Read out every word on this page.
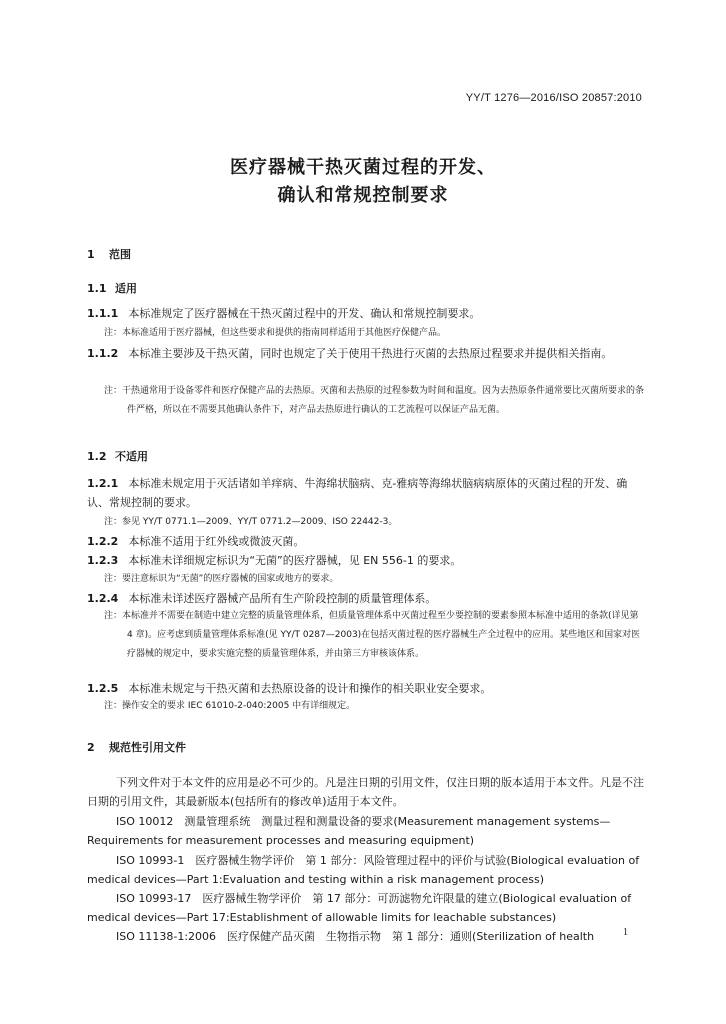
YY/T 1276—2016/ISO 20857:2010
医疗器械干热灭菌过程的开发、
确认和常规控制要求
1 范围
1.1 适用
1.1.1 本标准规定了医疗器械在干热灭菌过程中的开发、确认和常规控制要求。
注：本标准适用于医疗器械，但这些要求和提供的指南同样适用于其他医疗保健产品。
1.1.2 本标准主要涉及干热灭菌，同时也规定了关于使用干热进行灭菌的去热原过程要求并提供相关指南。
注：干热通常用于设备零件和医疗保健产品的去热原。灭菌和去热原的过程参数为时间和温度。因为去热原条件通常要比灭菌所要求的条件严格，所以在不需要其他确认条件下，对产品去热原进行确认的工艺流程可以保证产品无菌。
1.2 不适用
1.2.1 本标准未规定用于灭活诸如羊痒病、牛海绵状脑病、克-雅病等海绵状脑病病原体的灭菌过程的开发、确认、常规控制的要求。
注：参见 YY/T 0771.1—2009、YY/T 0771.2—2009、ISO 22442-3。
1.2.2 本标准不适用于红外线或微波灭菌。
1.2.3 本标准未详细规定标识为“无菌”的医疗器械，见 EN 556-1 的要求。
注：要注意标识为“无菌”的医疗器械的国家或地方的要求。
1.2.4 本标准未详述医疗器械产品所有生产阶段控制的质量管理体系。
注：本标准并不需要在制造中建立完整的质量管理体系，但质量管理体系中灭菌过程至少要控制的要素参照本标准中适用的条款(详见第 4 章)。应考虑到质量管理体系标准(见 YY/T 0287—2003)在包括灭菌过程的医疗器械生产全过程中的应用。某些地区和国家对医疗器械的规定中，要求实施完整的质量管理体系，并由第三方审核该体系。
1.2.5 本标准未规定与干热灭菌和去热原设备的设计和操作的相关职业安全要求。
注：操作安全的要求 IEC 61010-2-040:2005 中有详细规定。
2 规范性引用文件
下列文件对于本文件的应用是必不可少的。凡是注日期的引用文件，仅注日期的版本适用于本文件。凡是不注日期的引用文件，其最新版本(包括所有的修改单)适用于本文件。
ISO 10012　测量管理系统　测量过程和测量设备的要求(Measurement management systems—Requirements for measurement processes and measuring equipment)
ISO 10993-1　医疗器械生物学评价　第 1 部分：风险管理过程中的评价与试验(Biological evaluation of medical devices—Part 1:Evaluation and testing within a risk management process)
ISO 10993-17　医疗器械生物学评价　第 17 部分：可沥滤物允许限量的建立(Biological evaluation of medical devices—Part 17:Establishment of allowable limits for leachable substances)
ISO 11138-1:2006　医疗保健产品灭菌　生物指示物　第 1 部分：通则(Sterilization of health	1
